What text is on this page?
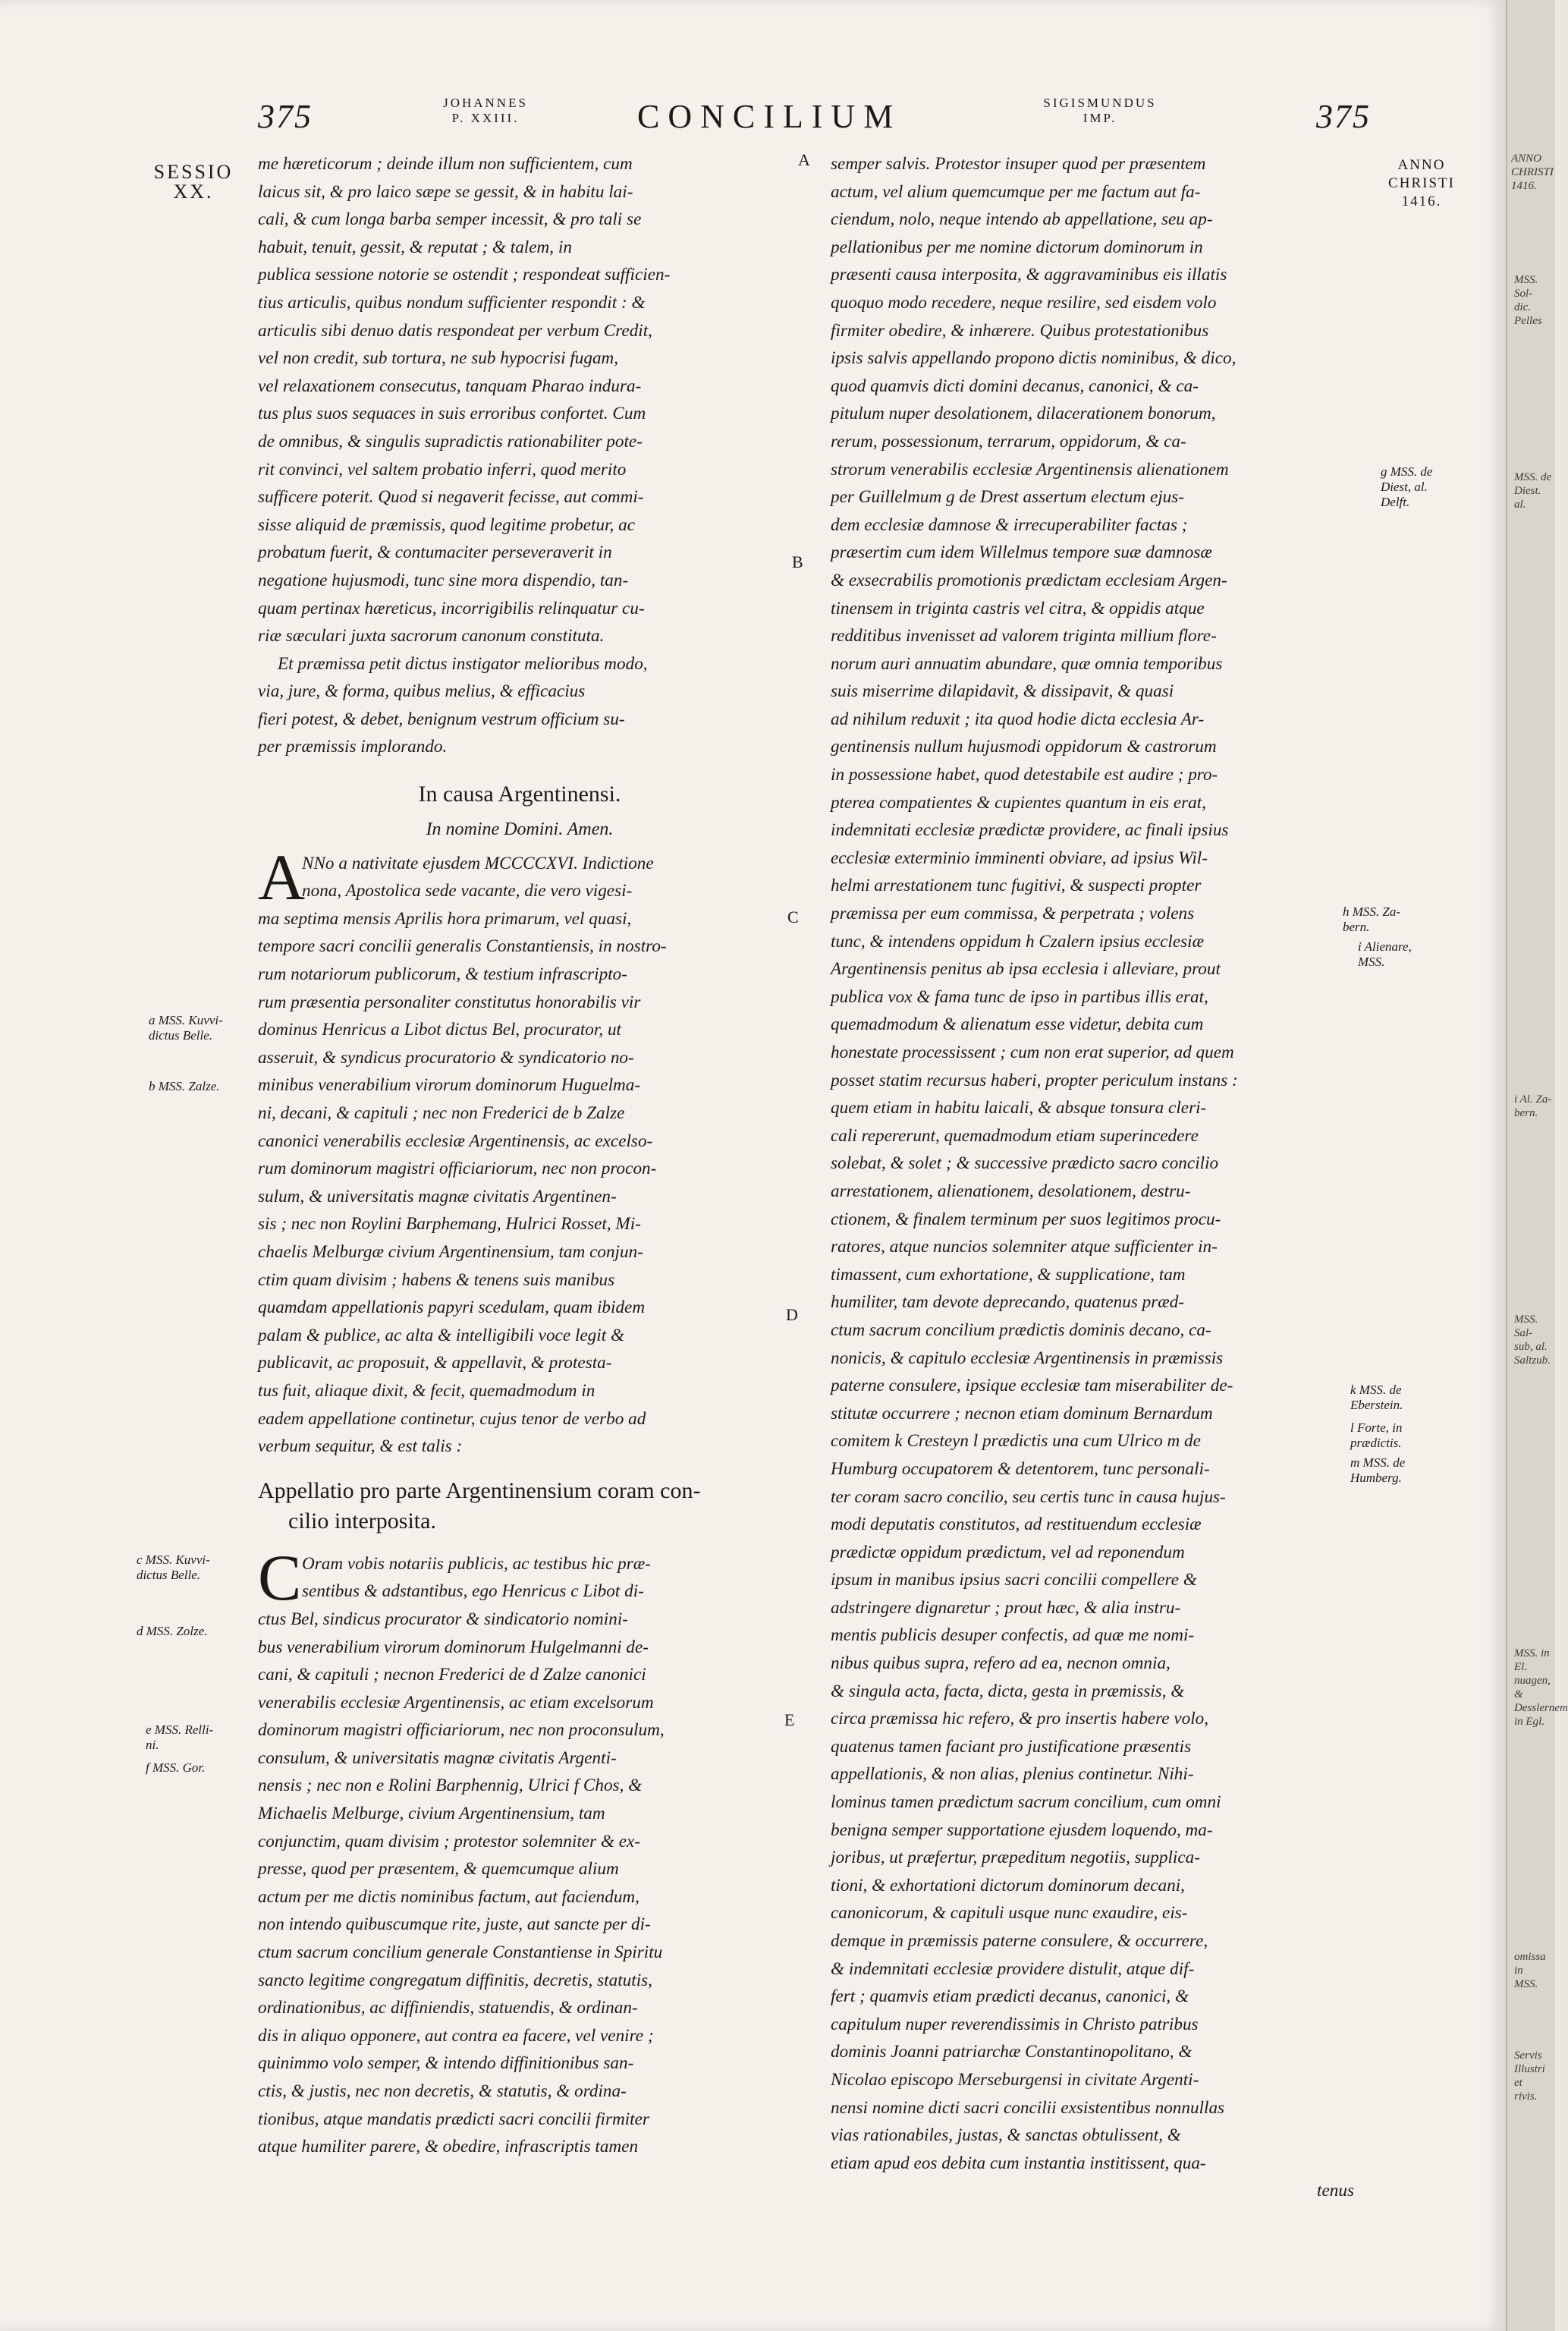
375	JOHANNES
P. XXIII.	CONCILIUM	SIGISMUNDUS
IMP.	375
SESSIO
XX.
a MSS. Kuvvi-
dictus Belle.
b MSS. Zalze.
c MSS. Kuvvi-
dictus Belle.
d MSS. Zolze.
e MSS. Relli-
ni.
f MSS. Gor.
A
B
C
D
E
ANNO
CHRISTI
1416.
g MSS. de
Diest, al.
Delft.
h MSS. Za-
bern.
i Alienare,
MSS.
k MSS. de
Eberstein.
l Forte, in
prædictis.
m MSS. de
Humberg.
ANNO
CHRISTI
1416.
MSS. Sol-
dic. Pelles
MSS. de
Diest. al.
i Al. Za-
bern.
MSS. Sal-
sub, al.
Saltzub.
MSS. in El.
nuagen, &
Desslernem
in Egl.
omissa in
MSS.
Servis
Illustri
et
rivis.
me hæreticorum ; deinde illum non sufficientem, cum
laicus sit, & pro laico sæpe se gessit, & in habitu lai-
cali, & cum longa barba semper incessit, & pro tali se
habuit, tenuit, gessit, & reputat ; & talem, in
publica sessione notorie se ostendit ; respondeat sufficien-
tius articulis, quibus nondum sufficienter respondit : &
articulis sibi denuo datis respondeat per verbum Credit,
vel non credit, sub tortura, ne sub hypocrisi fugam,
vel relaxationem consecutus, tanquam Pharao indura-
tus plus suos sequaces in suis erroribus confortet. Cum
de omnibus, & singulis supradictis rationabiliter pote-
rit convinci, vel saltem probatio inferri, quod merito
sufficere poterit. Quod si negaverit fecisse, aut commi-
sisse aliquid de præmissis, quod legitime probetur, ac
probatum fuerit, & contumaciter perseveraverit in
negatione hujusmodi, tunc sine mora dispendio, tan-
quam pertinax hæreticus, incorrigibilis relinquatur cu-
riæ sæculari juxta sacrorum canonum constituta.
Et præmissa petit dictus instigator melioribus modo,
via, jure, & forma, quibus melius, & efficacius
fieri potest, & debet, benignum vestrum officium su-
per præmissis implorando.
In causa Argentinensi.
In nomine Domini. Amen.
A
NNo a nativitate ejusdem MCCCCXVI. Indictione
nona, Apostolica sede vacante, die vero vigesi-
ma septima mensis Aprilis hora primarum, vel quasi,
tempore sacri concilii generalis Constantiensis, in nostro-
rum notariorum publicorum, & testium infrascripto-
rum præsentia personaliter constitutus honorabilis vir
dominus Henricus a Libot dictus Bel, procurator, ut
asseruit, & syndicus procuratorio & syndicatorio no-
minibus venerabilium virorum dominorum Huguelma-
ni, decani, & capituli ; nec non Frederici de b Zalze
canonici venerabilis ecclesiæ Argentinensis, ac excelso-
rum dominorum magistri officiariorum, nec non procon-
sulum, & universitatis magnæ civitatis Argentinen-
sis ; nec non Roylini Barphemang, Hulrici Rosset, Mi-
chaelis Melburgæ civium Argentinensium, tam conjun-
ctim quam divisim ; habens & tenens suis manibus
quamdam appellationis papyri scedulam, quam ibidem
palam & publice, ac alta & intelligibili voce legit &
publicavit, ac proposuit, & appellavit, & protesta-
tus fuit, aliaque dixit, & fecit, quemadmodum in
eadem appellatione continetur, cujus tenor de verbo ad
verbum sequitur, & est talis :
Appellatio pro parte Argentinensium coram con-
cilio interposita.
C Oram vobis notariis publicis, ac testibus hic præ-
sentibus & adstantibus, ego Henricus c Libot di-
ctus Bel, sindicus procurator & sindicatorio nomini-
bus venerabilium virorum dominorum Hulgelmanni de-
cani, & capituli ; necnon Frederici de d Zalze canonici
venerabilis ecclesiæ Argentinensis, ac etiam excelsorum
dominorum magistri officiariorum, nec non proconsulum,
consulum, & universitatis magnæ civitatis Argenti-
nensis ; nec non e Rolini Barphennig, Ulrici f Chos, &
Michaelis Melburge, civium Argentinensium, tam
conjunctim, quam divisim ; protestor solemniter & ex-
presse, quod per præsentem, & quemcumque alium
actum per me dictis nominibus factum, aut faciendum,
non intendo quibuscumque rite, juste, aut sancte per di-
ctum sacrum concilium generale Constantiense in Spiritu
sancto legitime congregatum diffinitis, decretis, statutis,
ordinationibus, ac diffiniendis, statuendis, & ordinan-
dis in aliquo opponere, aut contra ea facere, vel venire ;
quinimmo volo semper, & intendo diffinitionibus san-
ctis, & justis, nec non decretis, & statutis, & ordina-
tionibus, atque mandatis prædicti sacri concilii firmiter
atque humiliter parere, & obedire, infrascriptis tamen
semper salvis. Protestor insuper quod per præsentem
actum, vel alium quemcumque per me factum aut fa-
ciendum, nolo, neque intendo ab appellatione, seu ap-
pellationibus per me nomine dictorum dominorum in
præsenti causa interposita, & aggravaminibus eis illatis
quoquo modo recedere, neque resilire, sed eisdem volo
firmiter obedire, & inhærere. Quibus protestationibus
ipsis salvis appellando propono dictis nominibus, & dico,
quod quamvis dicti domini decanus, canonici, & ca-
pitulum nuper desolationem, dilacerationem bonorum,
rerum, possessionum, terrarum, oppidorum, & ca-
strorum venerabilis ecclesiæ Argentinensis alienationem
per Guillelmum g de Drest assertum electum ejus-
dem ecclesiæ damnose & irrecuperabiliter factas ;
præsertim cum idem Willelmus tempore suæ damnosæ
& exsecrabilis promotionis prædictam ecclesiam Argen-
tinensem in triginta castris vel citra, & oppidis atque
redditibus invenisset ad valorem triginta millium flore-
norum auri annuatim abundare, quæ omnia temporibus
suis miserrime dilapidavit, & dissipavit, & quasi
ad nihilum reduxit ; ita quod hodie dicta ecclesia Ar-
gentinensis nullum hujusmodi oppidorum & castrorum
in possessione habet, quod detestabile est audire ; pro-
pterea compatientes & cupientes quantum in eis erat,
indemnitati ecclesiæ prædictæ providere, ac finali ipsius
ecclesiæ exterminio imminenti obviare, ad ipsius Wil-
helmi arrestationem tunc fugitivi, & suspecti propter
præmissa per eum commissa, & perpetrata ; volens
tunc, & intendens oppidum h Czalern ipsius ecclesiæ
Argentinensis penitus ab ipsa ecclesia i alleviare, prout
publica vox & fama tunc de ipso in partibus illis erat,
quemadmodum & alienatum esse videtur, debita cum
honestate processissent ; cum non erat superior, ad quem
posset statim recursus haberi, propter periculum instans :
quem etiam in habitu laicali, & absque tonsura cleri-
cali repererunt, quemadmodum etiam superincedere
solebat, & solet ; & successive prædicto sacro concilio
arrestationem, alienationem, desolationem, destru-
ctionem, & finalem terminum per suos legitimos procu-
ratores, atque nuncios solemniter atque sufficienter in-
timassent, cum exhortatione, & supplicatione, tam
humiliter, tam devote deprecando, quatenus præd-
ctum sacrum concilium prædictis dominis decano, ca-
nonicis, & capitulo ecclesiæ Argentinensis in præmissis
paterne consulere, ipsique ecclesiæ tam miserabiliter de-
stitutæ occurrere ; necnon etiam dominum Bernardum
comitem k Cresteyn l prædictis una cum Ulrico m de
Humburg occupatorem & detentorem, tunc personali-
ter coram sacro concilio, seu certis tunc in causa hujus-
modi deputatis constitutos, ad restituendum ecclesiæ
prædictæ oppidum prædictum, vel ad reponendum
ipsum in manibus ipsius sacri concilii compellere &
adstringere dignaretur ; prout hæc, & alia instru-
mentis publicis desuper confectis, ad quæ me nomi-
nibus quibus supra, refero ad ea, necnon omnia,
& singula acta, facta, dicta, gesta in præmissis, &
circa præmissa hic refero, & pro insertis habere volo,
quatenus tamen faciant pro justificatione præsentis
appellationis, & non alias, plenius continetur. Nihi-
lominus tamen prædictum sacrum concilium, cum omni
benigna semper supportatione ejusdem loquendo, ma-
joribus, ut præfertur, præpeditum negotiis, supplica-
tioni, & exhortationi dictorum dominorum decani,
canonicorum, & capituli usque nunc exaudire, eis-
demque in præmissis paterne consulere, & occurrere,
& indemnitati ecclesiæ providere distulit, atque dif-
fert ; quamvis etiam prædicti decanus, canonici, &
capitulum nuper reverendissimis in Christo patribus
dominis Joanni patriarchæ Constantinopolitano, &
Nicolao episcopo Merseburgensi in civitate Argenti-
nensi nomine dicti sacri concilii exsistentibus nonnullas
vias rationabiles, justas, & sanctas obtulissent, &
etiam apud eos debita cum instantia institissent, qua-
tenus
